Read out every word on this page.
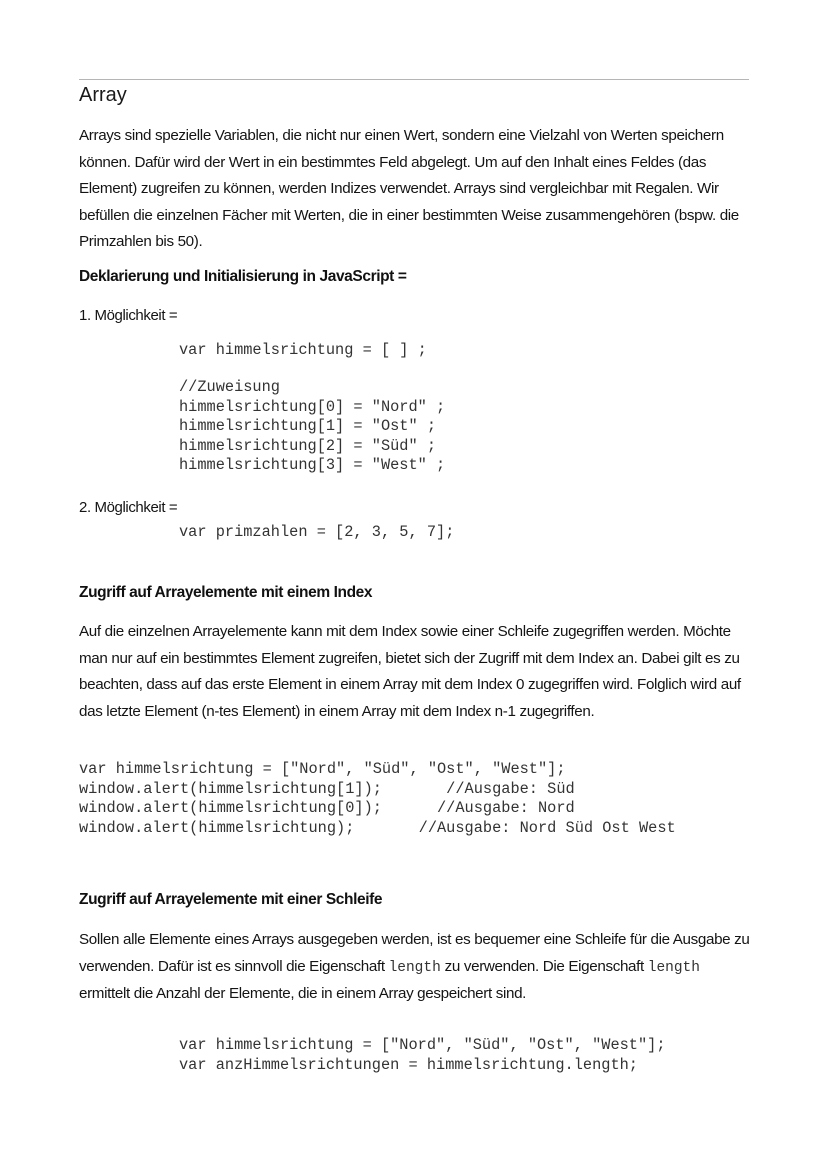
Array

Arrays sind spezielle Variablen, die nicht nur einen Wert, sondern eine Vielzahl von Werten speichern können. Dafür wird der Wert in ein bestimmtes Feld abgelegt. Um auf den Inhalt eines Feldes (das Element) zugreifen zu können, werden Indizes verwendet. Arrays sind vergleichbar mit Regalen. Wir befüllen die einzelnen Fächer mit Werten, die in einer bestimmten Weise zusammengehören (bspw. die Primzahlen bis 50).

Deklarierung und Initialisierung in JavaScript =

1. Möglichkeit =

var himmelsrichtung = [ ] ;
//Zuweisung
himmelsrichtung[0] = "Nord" ;
himmelsrichtung[1] = "Ost" ;
himmelsrichtung[2] = "Süd" ;
himmelsrichtung[3] = "West" ;

2. Möglichkeit =

var primzahlen = [2, 3, 5, 7];

Zugriff auf Arrayelemente mit einem Index

Auf die einzelnen Arrayelemente kann mit dem Index sowie einer Schleife zugegriffen werden. Möchte man nur auf ein bestimmtes Element zugreifen, bietet sich der Zugriff mit dem Index an. Dabei gilt es zu beachten, dass auf das erste Element in einem Array mit dem Index 0 zugegriffen wird. Folglich wird auf das letzte Element (n-tes Element) in einem Array mit dem Index n-1 zugegriffen.

var himmelsrichtung = ["Nord", "Süd", "Ost", "West"];
window.alert(himmelsrichtung[1]);       //Ausgabe: Süd
window.alert(himmelsrichtung[0]);      //Ausgabe: Nord
window.alert(himmelsrichtung);       //Ausgabe: Nord Süd Ost West

Zugriff auf Arrayelemente mit einer Schleife

Sollen alle Elemente eines Arrays ausgegeben werden, ist es bequemer eine Schleife für die Ausgabe zu verwenden. Dafür ist es sinnvoll die Eigenschaft length zu verwenden. Die Eigenschaft length ermittelt die Anzahl der Elemente, die in einem Array gespeichert sind.

var himmelsrichtung = ["Nord", "Süd", "Ost", "West"];
var anzHimmelsrichtungen = himmelsrichtung.length;
